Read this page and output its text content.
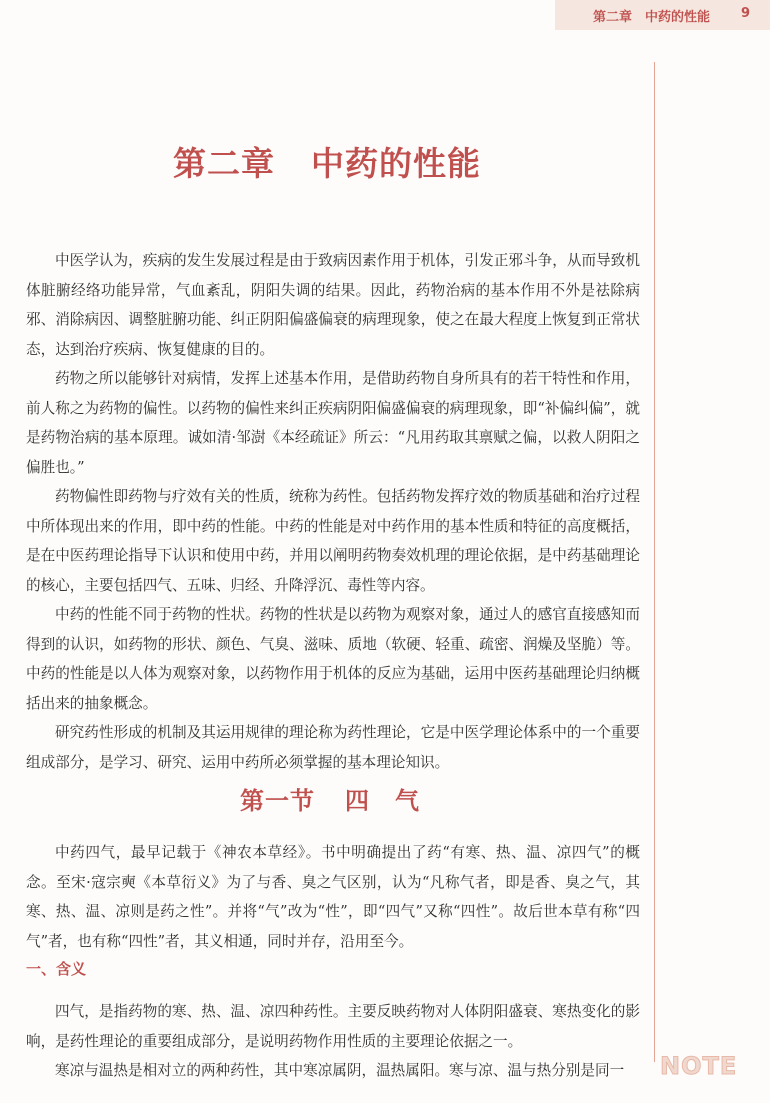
第二章　中药的性能 9
第二章 中药的性能

中医学认为，疾病的发生发展过程是由于致病因素作用于机体，引发正邪斗争，从而导致机体脏腑经络功能异常，气血紊乱，阴阳失调的结果。因此，药物治病的基本作用不外是祛除病邪、消除病因、调整脏腑功能、纠正阴阳偏盛偏衰的病理现象，使之在最大程度上恢复到正常状态，达到治疗疾病、恢复健康的目的。

药物之所以能够针对病情，发挥上述基本作用，是借助药物自身所具有的若干特性和作用，前人称之为药物的偏性。以药物的偏性来纠正疾病阴阳偏盛偏衰的病理现象，即“补偏纠偏”，就是药物治病的基本原理。诚如清·邹澍《本经疏证》所云：“凡用药取其禀赋之偏，以救人阴阳之偏胜也。”

药物偏性即药物与疗效有关的性质，统称为药性。包括药物发挥疗效的物质基础和治疗过程中所体现出来的作用，即中药的性能。中药的性能是对中药作用的基本性质和特征的高度概括，是在中医药理论指导下认识和使用中药，并用以阐明药物奏效机理的理论依据，是中药基础理论的核心，主要包括四气、五味、归经、升降浮沉、毒性等内容。

中药的性能不同于药物的性状。药物的性状是以药物为观察对象，通过人的感官直接感知而得到的认识，如药物的形状、颜色、气臭、滋味、质地（软硬、轻重、疏密、润燥及坚脆）等。中药的性能是以人体为观察对象，以药物作用于机体的反应为基础，运用中医药基础理论归纳概括出来的抽象概念。

研究药性形成的机制及其运用规律的理论称为药性理论，它是中医学理论体系中的一个重要组成部分，是学习、研究、运用中药所必须掌握的基本理论知识。

第一节 四　气

中药四气，最早记载于《神农本草经》。书中明确提出了药“有寒、热、温、凉四气”的概念。至宋·寇宗奭《本草衍义》为了与香、臭之气区别，认为“凡称气者，即是香、臭之气，其寒、热、温、凉则是药之性”。并将“气”改为“性”，即“四气”又称“四性”。故后世本草有称“四气”者，也有称“四性”者，其义相通，同时并存，沿用至今。

一、含义

四气，是指药物的寒、热、温、凉四种药性。主要反映药物对人体阴阳盛衰、寒热变化的影响，是药性理论的重要组成部分，是说明药物作用性质的主要理论依据之一。

寒凉与温热是相对立的两种药性，其中寒凉属阴，温热属阳。寒与凉、温与热分别是同一	NOTE
